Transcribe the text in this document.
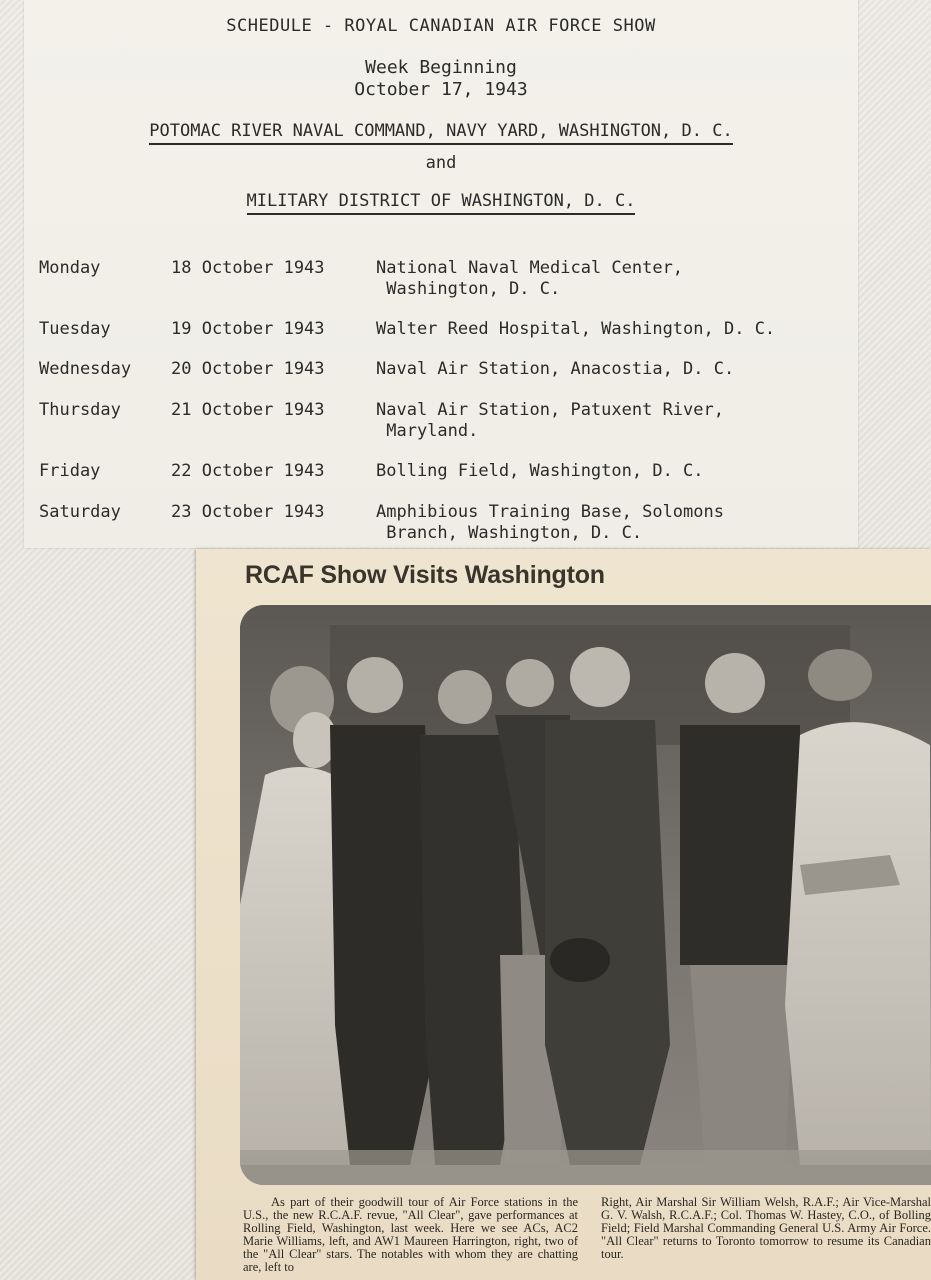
SCHEDULE - ROYAL CANADIAN AIR FORCE SHOW
Week Beginning
October 17, 1943
POTOMAC RIVER NAVAL COMMAND, NAVY YARD, WASHINGTON, D. C.
and
MILITARY DISTRICT OF WASHINGTON, D. C.
Monday	18 October 1943	National Naval Medical Center,
Washington, D. C.
Tuesday	19 October 1943	Walter Reed Hospital, Washington, D. C.
Wednesday 20 October 1943	Naval Air Station, Anacostia, D. C.
Thursday	21 October 1943	Naval Air Station, Patuxent River,
Maryland.
Friday	22 October 1943	Bolling Field, Washington, D. C.
Saturday	23 October 1943	Amphibious Training Base, Solomons
Branch, Washington, D. C.
RCAF Show Visits Washington
As part of their goodwill tour of Air Force stations in the U.S., the new R.C.A.F. revue, "All Clear", gave performances at Rolling Field, Washington, last week. Here we see ACs, AC2 Marie Williams, left, and AW1 Maureen Harrington, right, two of the "All Clear" stars. The notables with whom they are chatting are, left to
Right, Air Marshal Sir William Welsh, R.A.F.; Air Vice-Marshal G. V. Walsh, R.C.A.F.; Col. Thomas W. Hastey, C.O., of Bolling Field; Field Marshal Commanding General U.S. Army Air Force. "All Clear" returns to Toronto tomorrow to resume its Canadian tour.
